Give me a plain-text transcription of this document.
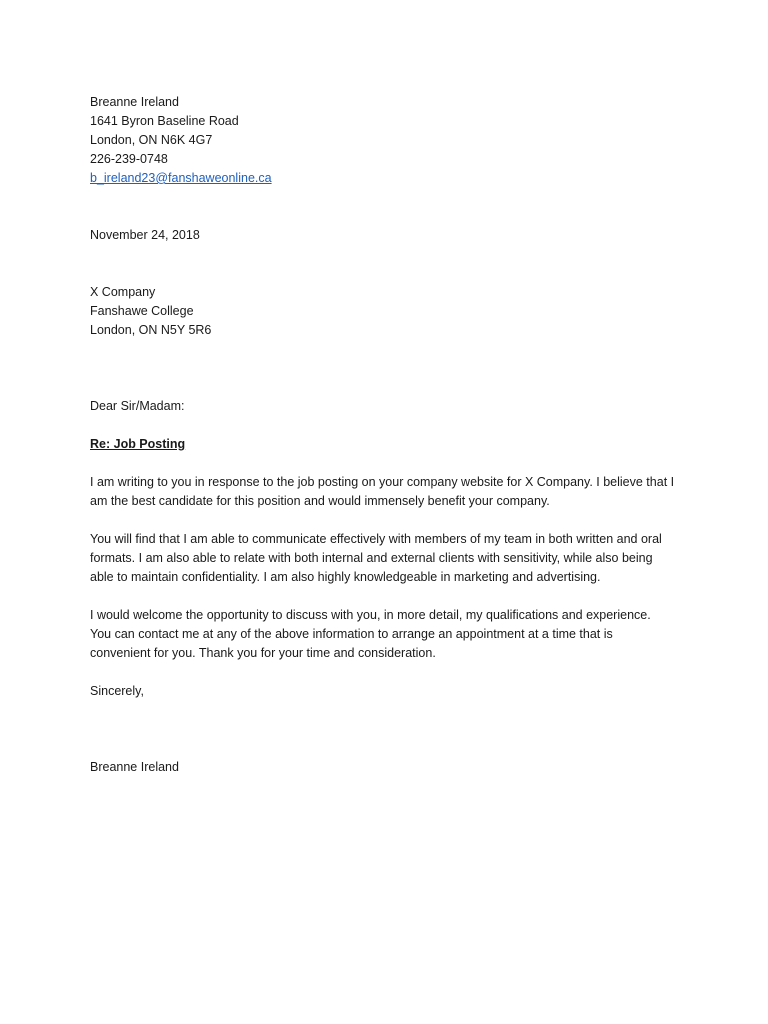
Breanne Ireland
1641 Byron Baseline Road
London, ON N6K 4G7
226-239-0748
b_ireland23@fanshaweonline.ca
November 24, 2018
X Company
Fanshawe College
London, ON N5Y 5R6
Dear Sir/Madam:
Re: Job Posting

I am writing to you in response to the job posting on your company website for X Company. I believe that I am the best candidate for this position and would immensely benefit your company.

You will find that I am able to communicate effectively with members of my team in both written and oral formats. I am also able to relate with both internal and external clients with sensitivity, while also being able to maintain confidentiality. I am also highly knowledgeable in marketing and advertising.

I would welcome the opportunity to discuss with you, in more detail, my qualifications and experience. You can contact me at any of the above information to arrange an appointment at a time that is convenient for you. Thank you for your time and consideration.

Sincerely,
Breanne Ireland
